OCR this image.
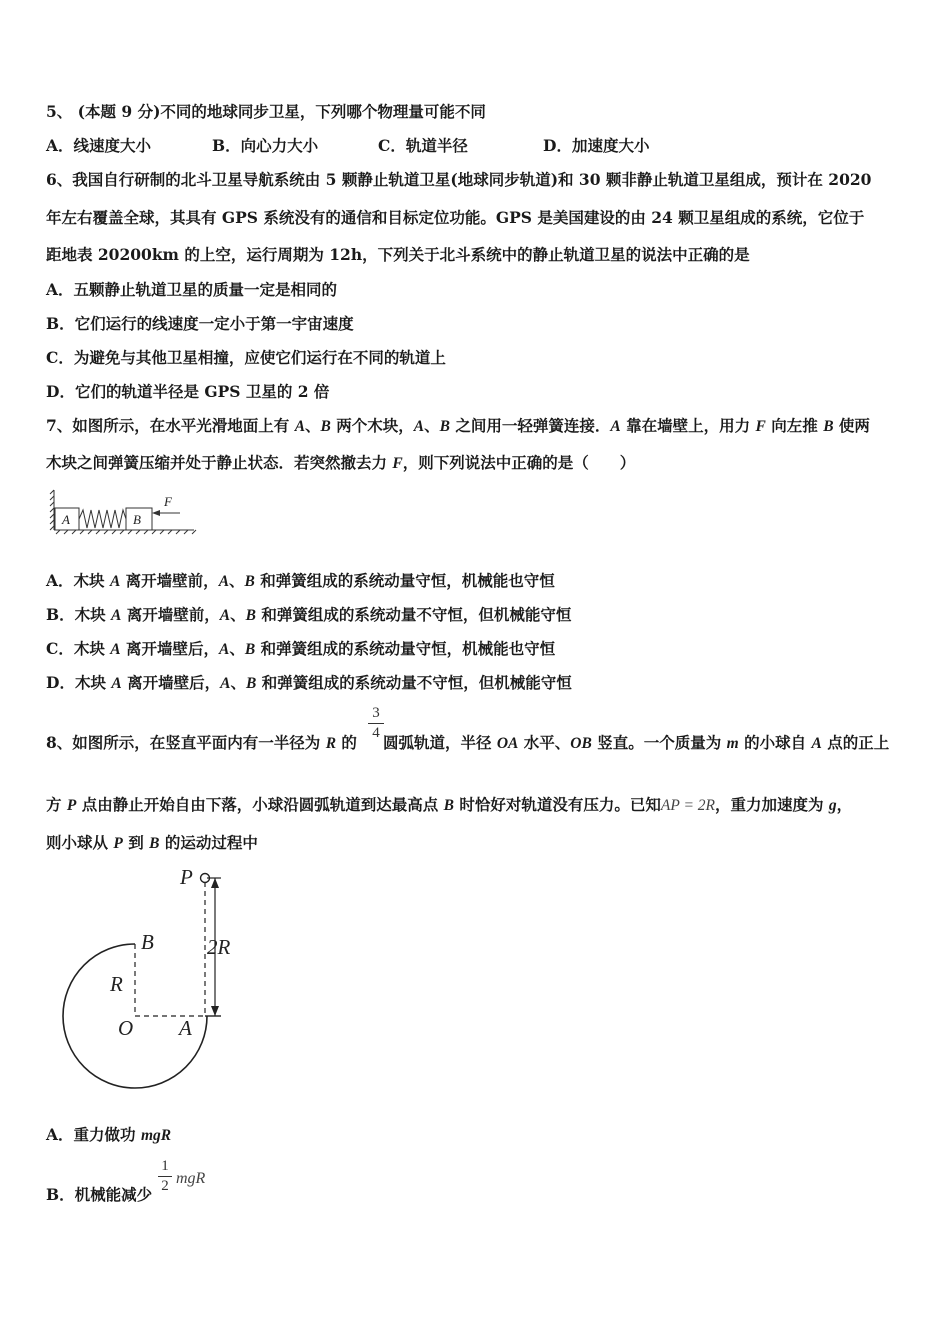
5、 (本题 9 分)不同的地球同步卫星，下列哪个物理量可能不同
A．线速度大小	B．向心力大小	C．轨道半径	D．加速度大小
6、我国自行研制的北斗卫星导航系统由 5 颗静止轨道卫星(地球同步轨道)和 30 颗非静止轨道卫星组成，预计在 2020
年左右覆盖全球，其具有 GPS 系统没有的通信和目标定位功能。GPS 是美国建设的由 24 颗卫星组成的系统，它位于
距地表 20200km 的上空，运行周期为 12h，下列关于北斗系统中的静止轨道卫星的说法中正确的是
A．五颗静止轨道卫星的质量一定是相同的
B．它们运行的线速度一定小于第一宇宙速度
C．为避免与其他卫星相撞，应使它们运行在不同的轨道上
D．它们的轨道半径是 GPS 卫星的 2 倍
7、如图所示，在水平光滑地面上有 A、B 两个木块，A、B 之间用一轻弹簧连接．A 靠在墙壁上，用力 F 向左推 B 使两
木块之间弹簧压缩并处于静止状态．若突然撤去力 F，则下列说法中正确的是（　　）
A	B
F
A．木块 A 离开墙壁前，A、B 和弹簧组成的系统动量守恒，机械能也守恒
B．木块 A 离开墙壁前，A、B 和弹簧组成的系统动量不守恒，但机械能守恒
C．木块 A 离开墙壁后，A、B 和弹簧组成的系统动量守恒，机械能也守恒
D．木块 A 离开墙壁后，A、B 和弹簧组成的系统动量不守恒，但机械能守恒
8、如图所示，在竖直平面内有一半径为 R 的 圆弧轨道，半径 OA 水平、OB 竖直。一个质量为 m 的小球自 A 点的正上
3
4
方 P 点由静止开始自由下落，小球沿圆弧轨道到达最高点 B 时恰好对轨道没有压力。已知AP = 2R，重力加速度为 g，
则小球从 P 到 B 的运动过程中
P
B
R
O A
2R
A．重力做功 mgR
B．机械能减少
1
2 mgR
